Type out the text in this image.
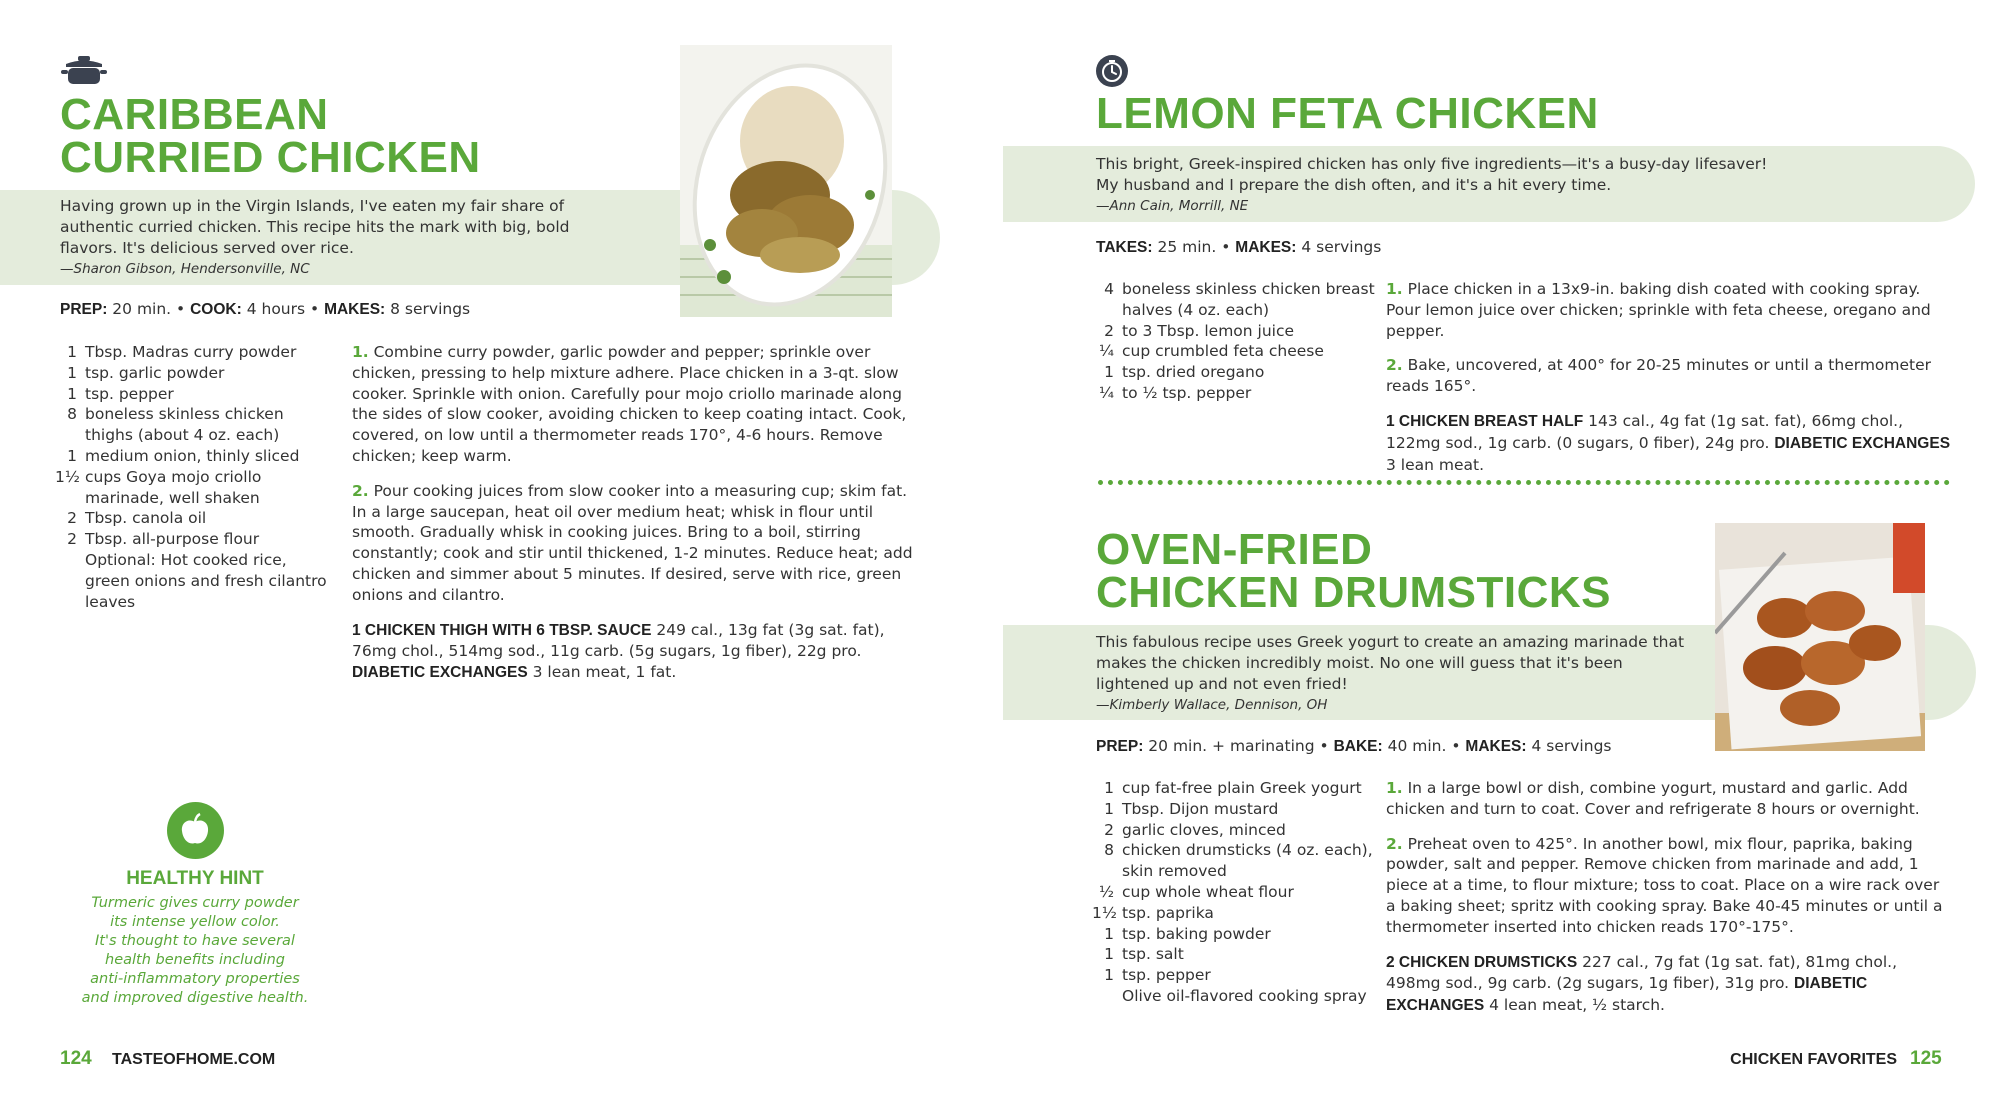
CARIBBEAN
CURRIED CHICKEN
Having grown up in the Virgin Islands, I've eaten my fair share of authentic curried chicken. This recipe hits the mark with big, bold flavors. It's delicious served over rice.
—Sharon Gibson, Hendersonville, NC
PREP: 20 min. • COOK: 4 hours • MAKES: 8 servings
1 Tbsp. Madras curry powder
1 tsp. garlic powder
1 tsp. pepper
8 boneless skinless chicken thighs (about 4 oz. each)
1 medium onion, thinly sliced
1½ cups Goya mojo criollo marinade, well shaken
2 Tbsp. canola oil
2 Tbsp. all-purpose flour
Optional: Hot cooked rice, green onions and fresh cilantro leaves

1. Combine curry powder, garlic powder and pepper; sprinkle over chicken, pressing to help mixture adhere. Place chicken in a 3-qt. slow cooker. Sprinkle with onion. Carefully pour mojo criollo marinade along the sides of slow cooker, avoiding chicken to keep coating intact. Cook, covered, on low until a thermometer reads 170°, 4-6 hours. Remove chicken; keep warm.

2. Pour cooking juices from slow cooker into a measuring cup; skim fat. In a large saucepan, heat oil over medium heat; whisk in flour until smooth. Gradually whisk in cooking juices. Bring to a boil, stirring constantly; cook and stir until thickened, 1-2 minutes. Reduce heat; add chicken and simmer about 5 minutes. If desired, serve with rice, green onions and cilantro.

1 CHICKEN THIGH WITH 6 TBSP. SAUCE 249 cal., 13g fat (3g sat. fat), 76mg chol., 514mg sod., 11g carb. (5g sugars, 1g fiber), 22g pro. DIABETIC EXCHANGES 3 lean meat, 1 fat.

HEALTHY HINT
Turmeric gives curry powder
its intense yellow color.
It's thought to have several
health benefits including
anti-inflammatory properties
and improved digestive health.
124 TASTEOFHOME.COM
LEMON FETA CHICKEN
This bright, Greek-inspired chicken has only five ingredients—it's a busy-day lifesaver!
My husband and I prepare the dish often, and it's a hit every time.
—Ann Cain, Morrill, NE
TAKES: 25 min. • MAKES: 4 servings
4 boneless skinless chicken breast halves (4 oz. each)
2 to 3 Tbsp. lemon juice
¼ cup crumbled feta cheese
1 tsp. dried oregano
¼ to ½ tsp. pepper

1. Place chicken in a 13x9-in. baking dish coated with cooking spray. Pour lemon juice over chicken; sprinkle with feta cheese, oregano and pepper.

2. Bake, uncovered, at 400° for 20-25 minutes or until a thermometer reads 165°.

1 CHICKEN BREAST HALF 143 cal., 4g fat (1g sat. fat), 66mg chol., 122mg sod., 1g carb. (0 sugars, 0 fiber), 24g pro. DIABETIC EXCHANGES 3 lean meat.

OVEN-FRIED
CHICKEN DRUMSTICKS
This fabulous recipe uses Greek yogurt to create an amazing marinade that makes the chicken incredibly moist. No one will guess that it's been lightened up and not even fried!
—Kimberly Wallace, Dennison, OH
PREP: 20 min. + marinating • BAKE: 40 min. • MAKES: 4 servings
1 cup fat-free plain Greek yogurt
1 Tbsp. Dijon mustard
2 garlic cloves, minced
8 chicken drumsticks (4 oz. each), skin removed
½ cup whole wheat flour
1½ tsp. paprika
1 tsp. baking powder
1 tsp. salt
1 tsp. pepper
Olive oil-flavored cooking spray

1. In a large bowl or dish, combine yogurt, mustard and garlic. Add chicken and turn to coat. Cover and refrigerate 8 hours or overnight.

2. Preheat oven to 425°. In another bowl, mix flour, paprika, baking powder, salt and pepper. Remove chicken from marinade and add, 1 piece at a time, to flour mixture; toss to coat. Place on a wire rack over a baking sheet; spritz with cooking spray. Bake 40-45 minutes or until a thermometer inserted into chicken reads 170°-175°.

2 CHICKEN DRUMSTICKS 227 cal., 7g fat (1g sat. fat), 81mg chol., 498mg sod., 9g carb. (2g sugars, 1g fiber), 31g pro. DIABETIC EXCHANGES 4 lean meat, ½ starch.

CHICKEN FAVORITES 125
